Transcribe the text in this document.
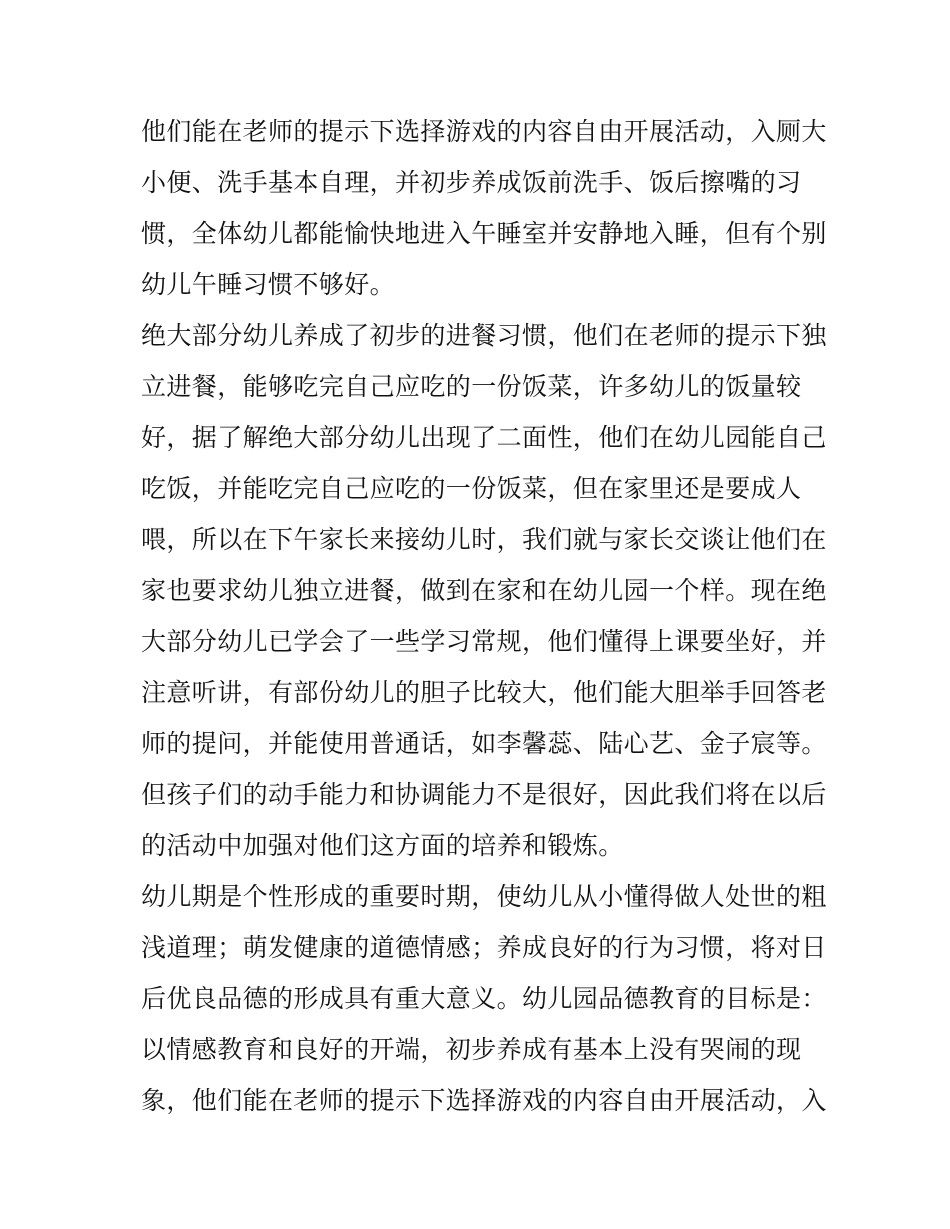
他们能在老师的提示下选择游戏的内容自由开展活动，入厕大
小便、洗手基本自理，并初步养成饭前洗手、饭后擦嘴的习
惯，全体幼儿都能愉快地进入午睡室并安静地入睡，但有个别
幼儿午睡习惯不够好。
绝大部分幼儿养成了初步的进餐习惯，他们在老师的提示下独
立进餐，能够吃完自己应吃的一份饭菜，许多幼儿的饭量较
好，据了解绝大部分幼儿出现了二面性，他们在幼儿园能自己
吃饭，并能吃完自己应吃的一份饭菜，但在家里还是要成人
喂，所以在下午家长来接幼儿时，我们就与家长交谈让他们在
家也要求幼儿独立进餐，做到在家和在幼儿园一个样。现在绝
大部分幼儿已学会了一些学习常规，他们懂得上课要坐好，并
注意听讲，有部份幼儿的胆子比较大，他们能大胆举手回答老
师的提问，并能使用普通话，如李馨蕊、陆心艺、金子宸等。
但孩子们的动手能力和协调能力不是很好，因此我们将在以后
的活动中加强对他们这方面的培养和锻炼。
幼儿期是个性形成的重要时期，使幼儿从小懂得做人处世的粗
浅道理；萌发健康的道德情感；养成良好的行为习惯，将对日
后优良品德的形成具有重大意义。幼儿园品德教育的目标是：
以情感教育和良好的开端，初步养成有基本上没有哭闹的现
象，他们能在老师的提示下选择游戏的内容自由开展活动，入
